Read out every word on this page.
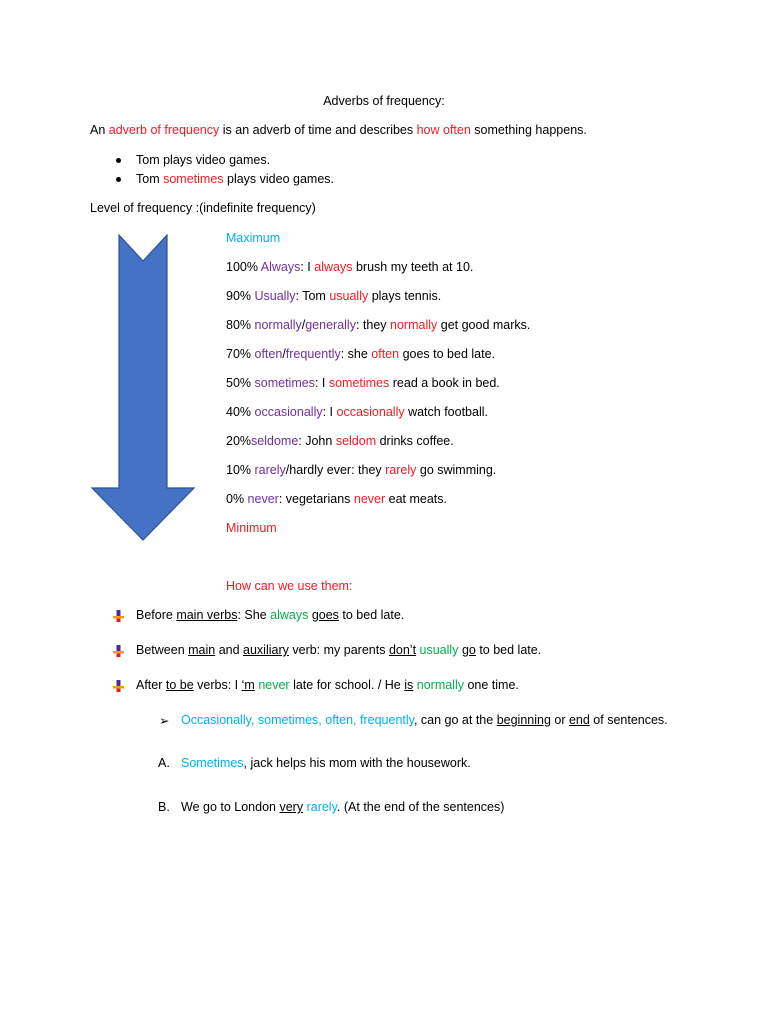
Adverbs of frequency:
An adverb of frequency is an adverb of time and describes how often something happens.
Tom plays video games.
Tom sometimes plays video games.
Level of frequency :(indefinite frequency)
Maximum
100% Always: I always brush my teeth at 10.
90% Usually: Tom usually plays tennis.
80% normally/generally: they normally get good marks.
70% often/frequently: she often goes to bed late.
50% sometimes: I sometimes read a book in bed.
40% occasionally: I occasionally watch football.
20%seldome: John seldom drinks coffee.
10% rarely/hardly ever: they rarely go swimming.
0% never: vegetarians never eat meats.
Minimum
How can we use them:
Before main verbs: She always goes to bed late.
Between main and auxiliary verb: my parents don’t usually go to bed late.
After to be verbs: I ‘m never late for school. / He is normally one time.
➢ Occasionally, sometimes, often, frequently, can go at the beginning or end of sentences.
A. Sometimes, jack helps his mom with the housework.
B. We go to London very rarely. (At the end of the sentences)
